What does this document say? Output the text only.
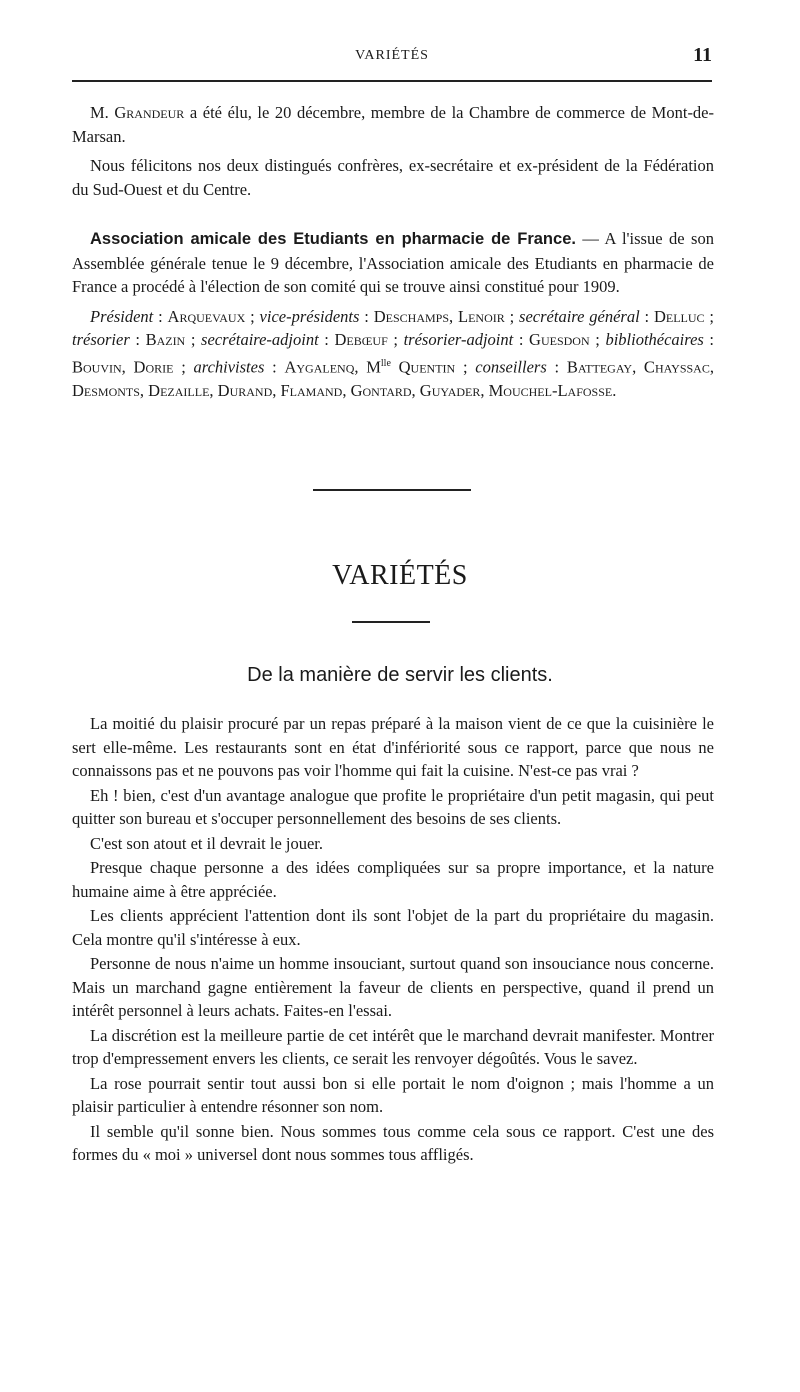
VARIÉTÉS	11

M. Grandeur a été élu, le 20 décembre, membre de la Chambre de commerce de Mont-de-Marsan.

Nous félicitons nos deux distingués confrères, ex-secrétaire et ex-président de la Fédération du Sud-Ouest et du Centre.

Association amicale des Etudiants en pharmacie de France. — A l'issue de son Assemblée générale tenue le 9 décembre, l'Association amicale des Etudiants en pharmacie de France a procédé à l'élection de son comité qui se trouve ainsi constitué pour 1909.

Président : Arquevaux ; vice-présidents : Deschamps, Lenoir ; secrétaire général : Delluc ; trésorier : Bazin ; secrétaire-adjoint : Debœuf ; trésorier-adjoint : Guesdon ; bibliothécaires : Bouvin, Dorie ; archivistes : Aygalenq, $M^{lle}$ Quentin ; conseillers : Battegay, Chayssac, Desmonts, Dezaille, Durand, Flamand, Gontard, Guyader, Mouchel-Lafosse.

VARIÉTÉS
De la manière de servir les clients.

La moitié du plaisir procuré par un repas préparé à la maison vient de ce que la cuisinière le sert elle-même. Les restaurants sont en état d'infériorité sous ce rapport, parce que nous ne connaissons pas et ne pouvons pas voir l'homme qui fait la cuisine. N'est-ce pas vrai ?

Eh ! bien, c'est d'un avantage analogue que profite le propriétaire d'un petit magasin, qui peut quitter son bureau et s'occuper personnellement des besoins de ses clients.

C'est son atout et il devrait le jouer.

Presque chaque personne a des idées compliquées sur sa propre importance, et la nature humaine aime à être appréciée.

Les clients apprécient l'attention dont ils sont l'objet de la part du propriétaire du magasin. Cela montre qu'il s'intéresse à eux.

Personne de nous n'aime un homme insouciant, surtout quand son insouciance nous concerne. Mais un marchand gagne entièrement la faveur de clients en perspective, quand il prend un intérêt personnel à leurs achats. Faites-en l'essai.

La discrétion est la meilleure partie de cet intérêt que le marchand devrait manifester. Montrer trop d'empressement envers les clients, ce serait les renvoyer dégoûtés. Vous le savez.

La rose pourrait sentir tout aussi bon si elle portait le nom d'oignon ; mais l'homme a un plaisir particulier à entendre résonner son nom.

Il semble qu'il sonne bien. Nous sommes tous comme cela sous ce rapport. C'est une des formes du « moi » universel dont nous sommes tous affligés.
